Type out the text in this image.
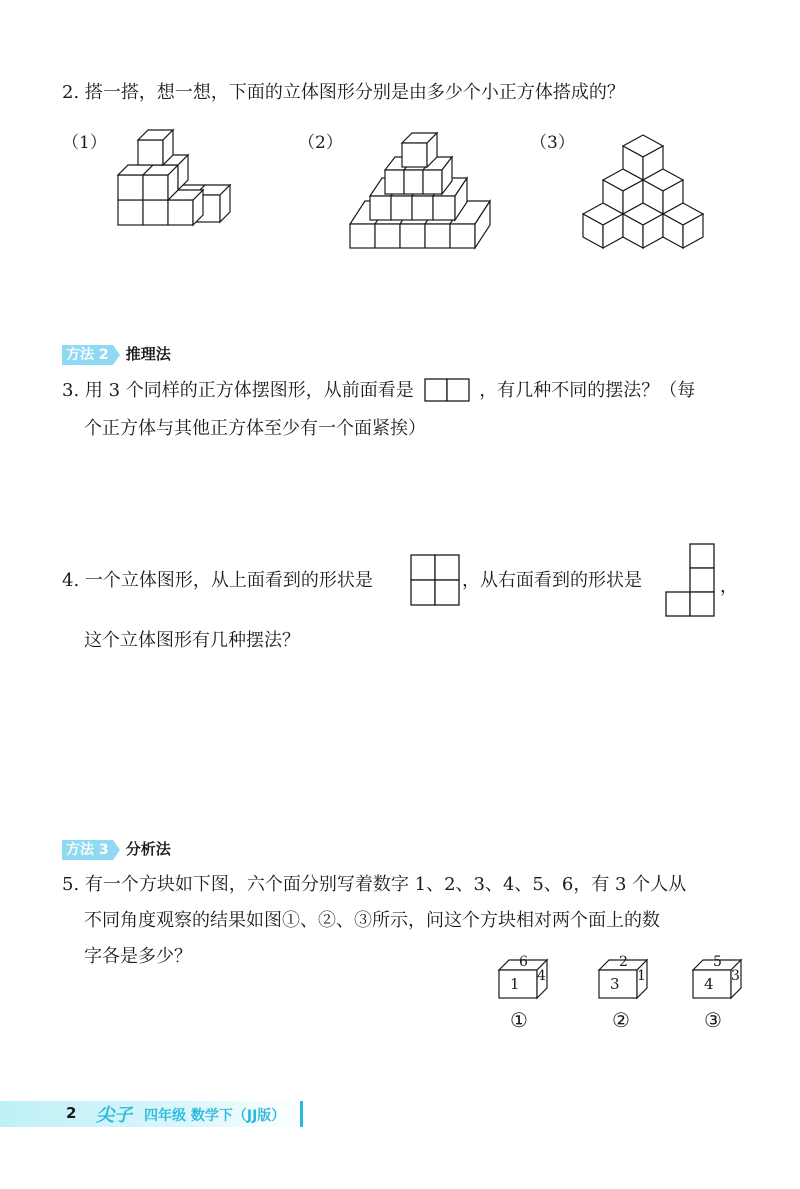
2. 搭一搭，想一想，下面的立体图形分别是由多少个小正方体搭成的？
（1）	（2）	（3）
方法 2 推理法
3. 用 3 个同样的正方体摆图形，从前面看是	，有几种不同的摆法？（每
个正方体与其他正方体至少有一个面紧挨）
4. 一个立体图形，从上面看到的形状是	，从右面看到的形状是	，
这个立体图形有几种摆法？
方法 3 分析法
5. 有一个方块如下图，六个面分别写着数字 1、2、3、4、5、6，有 3 个人从
不同角度观察的结果如图①、②、③所示，问这个方块相对两个面上的数
字各是多少？	6
1 4
①
2
3 1
②
5
4 3
③
2 尖子 四年级 数学下（JJ版）
